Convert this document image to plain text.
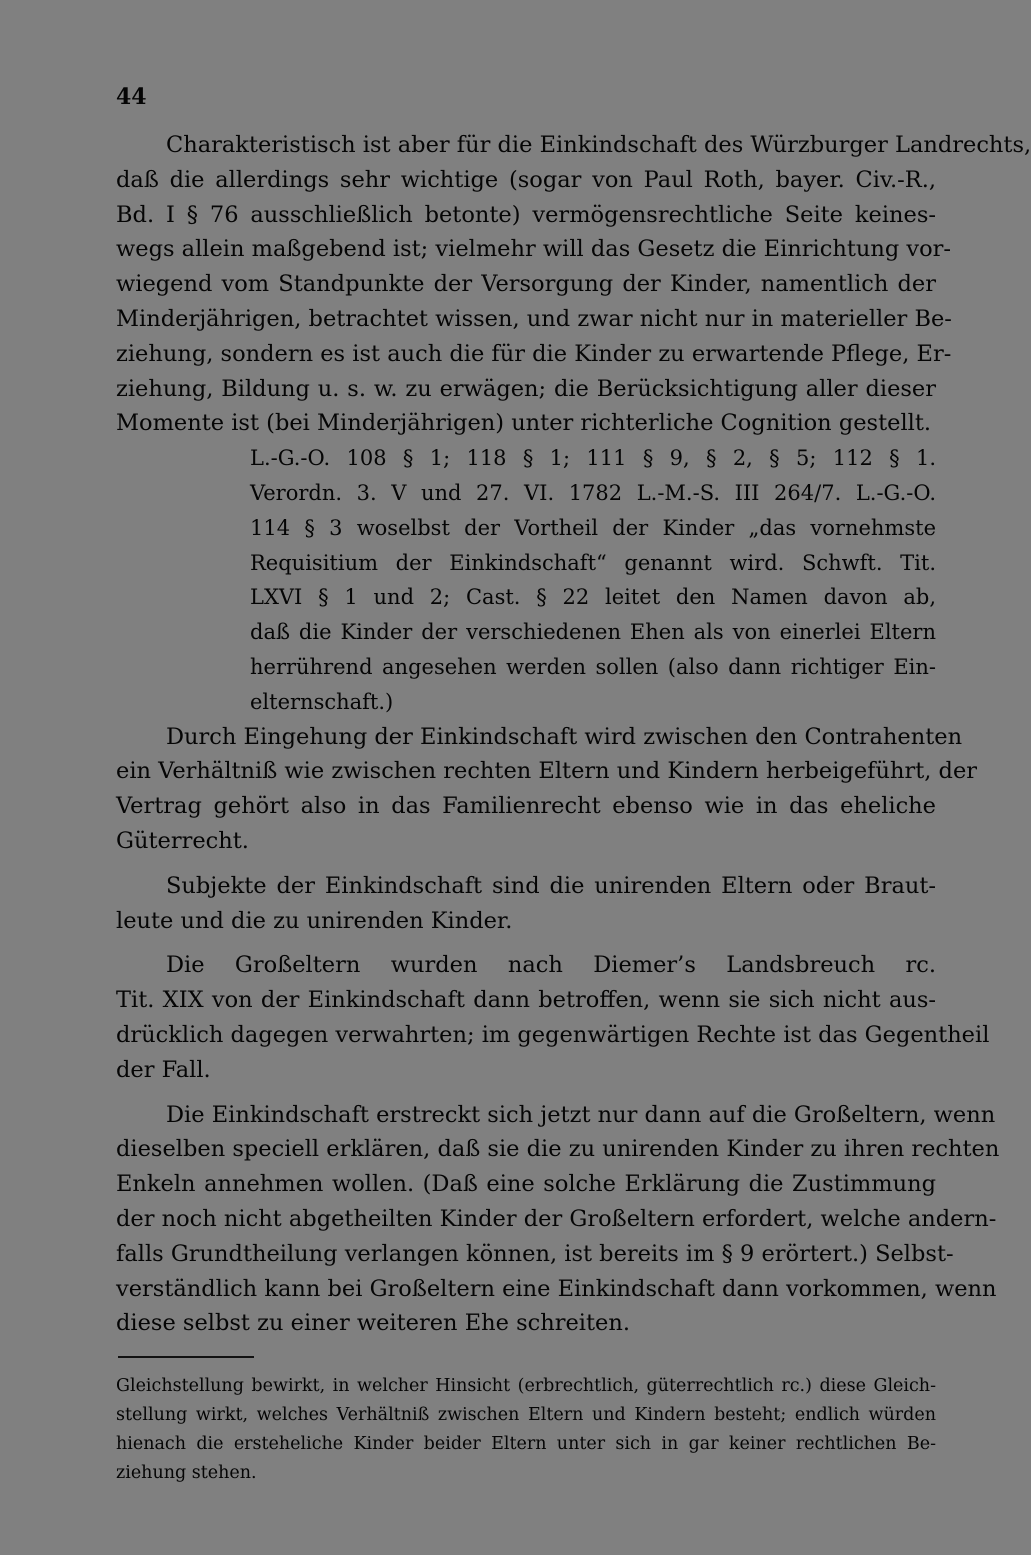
44
Charakteristisch ist aber für die Einkindschaft des Würzburger Landrechts,
daß die allerdings sehr wichtige (sogar von Paul Roth, bayer. Civ.-R.,
Bd. I § 76 ausschließlich betonte) vermögensrechtliche Seite keines-
wegs allein maßgebend ist; vielmehr will das Gesetz die Einrichtung vor-
wiegend vom Standpunkte der Versorgung der Kinder, namentlich der
Minderjährigen, betrachtet wissen, und zwar nicht nur in materieller Be-
ziehung, sondern es ist auch die für die Kinder zu erwartende Pflege, Er-
ziehung, Bildung u. s. w. zu erwägen; die Berücksichtigung aller dieser
Momente ist (bei Minderjährigen) unter richterliche Cognition gestellt.
L.-G.-O. 108 § 1; 118 § 1; 111 § 9, § 2, § 5; 112 § 1.
Verordn. 3. V und 27. VI. 1782 L.-M.-S. III 264/7. L.-G.-O.
114 § 3 woselbst der Vortheil der Kinder „das vornehmste
Requisitium der Einkindschaft“ genannt wird. Schwft. Tit.
LXVI § 1 und 2; Cast. § 22 leitet den Namen davon ab,
daß die Kinder der verschiedenen Ehen als von einerlei Eltern
herrührend angesehen werden sollen (also dann richtiger Ein-
elternschaft.)
Durch Eingehung der Einkindschaft wird zwischen den Contrahenten
ein Verhältniß wie zwischen rechten Eltern und Kindern herbeigeführt, der
Vertrag gehört also in das Familienrecht ebenso wie in das eheliche
Güterrecht.
Subjekte der Einkindschaft sind die unirenden Eltern oder Braut-
leute und die zu unirenden Kinder.
Die Großeltern wurden nach Diemer’s Landsbreuch rc.
Tit. XIX von der Einkindschaft dann betroffen, wenn sie sich nicht aus-
drücklich dagegen verwahrten; im gegenwärtigen Rechte ist das Gegentheil
der Fall.
Die Einkindschaft erstreckt sich jetzt nur dann auf die Großeltern, wenn
dieselben speciell erklären, daß sie die zu unirenden Kinder zu ihren rechten
Enkeln annehmen wollen. (Daß eine solche Erklärung die Zustimmung
der noch nicht abgetheilten Kinder der Großeltern erfordert, welche andern-
falls Grundtheilung verlangen können, ist bereits im § 9 erörtert.) Selbst-
verständlich kann bei Großeltern eine Einkindschaft dann vorkommen, wenn
diese selbst zu einer weiteren Ehe schreiten.
Gleichstellung bewirkt, in welcher Hinsicht (erbrechtlich, güterrechtlich rc.) diese Gleich-
stellung wirkt, welches Verhältniß zwischen Eltern und Kindern besteht; endlich würden
hienach die ersteheliche Kinder beider Eltern unter sich in gar keiner rechtlichen Be-
ziehung stehen.
